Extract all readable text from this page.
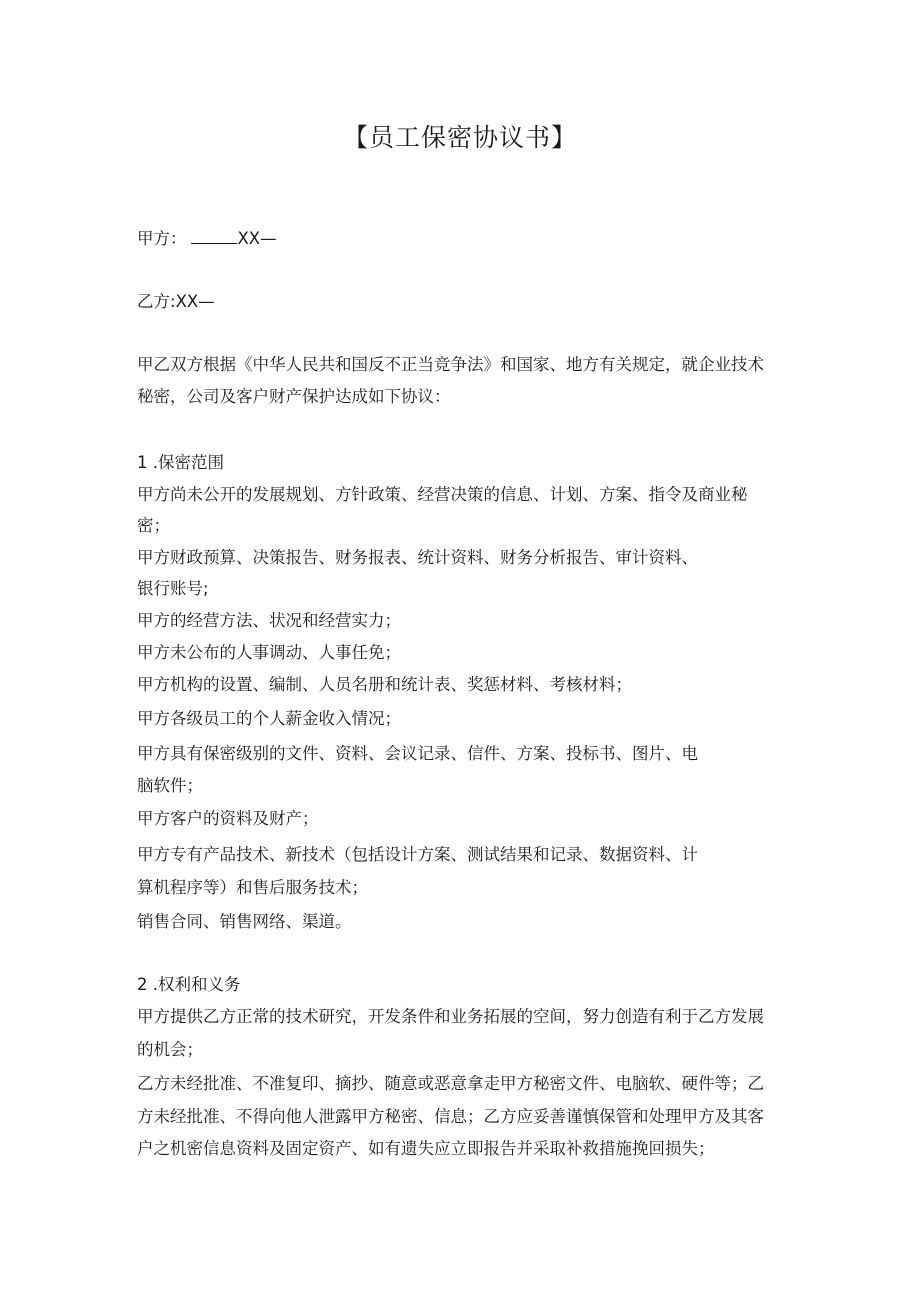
【员工保密协议书】
甲方：	XX—
乙方:XX—
甲乙双方根据《中华人民共和国反不正当竞争法》和国家、地方有关规定，就企业技术
秘密，公司及客户财产保护达成如下协议：
1 .保密范围
甲方尚未公开的发展规划、方针政策、经营决策的信息、计划、方案、指令及商业秘
密；
甲方财政预算、决策报告、财务报表、统计资料、财务分析报告、审计资料、
银行账号;
甲方的经营方法、状况和经营实力；
甲方未公布的人事调动、人事任免；
甲方机构的设置、编制、人员名册和统计表、奖惩材料、考核材料；
甲方各级员工的个人薪金收入情况；
甲方具有保密级别的文件、资料、会议记录、信件、方案、投标书、图片、电
脑软件；
甲方客户的资料及财产；
甲方专有产品技术、新技术（包括设计方案、测试结果和记录、数据资料、计
算机程序等）和售后服务技术；
销售合同、销售网络、渠道。
2 .权利和义务
甲方提供乙方正常的技术研究，开发条件和业务拓展的空间，努力创造有利于乙方发展
的机会；
乙方未经批准、不准复印、摘抄、随意或恶意拿走甲方秘密文件、电脑软、硬件等；乙
方未经批准、不得向他人泄露甲方秘密、信息；乙方应妥善谨慎保管和处理甲方及其客
户之机密信息资料及固定资产、如有遗失应立即报告并采取补救措施挽回损失；
